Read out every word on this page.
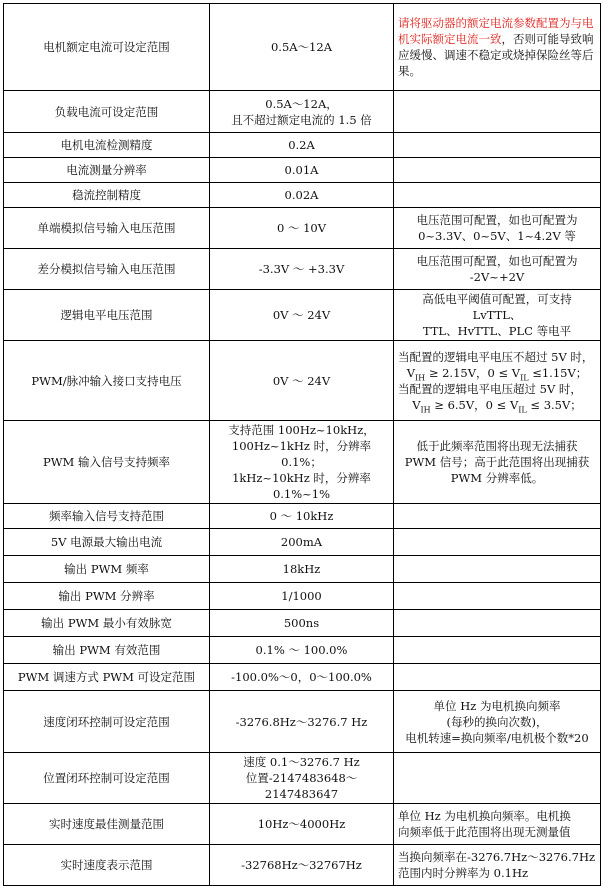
电机额定电流可设定范围	0.5A～12A	请将驱动器的额定电流参数配置为与电机实际额定电流一致，否则可能导致响应缓慢、调速不稳定或烧掉保险丝等后果。
负载电流可设定范围	0.5A～12A，
且不超过额定电流的 1.5 倍	

电机电流检测精度	0.2A	
电流测量分辨率	0.01A	
稳流控制精度	0.02A	
单端模拟信号输入电压范围	0 ～ 10V	电压范围可配置，如也可配置为
0~3.3V、0~5V、1~4.2V 等

差分模拟信号输入电压范围	-3.3V ～ +3.3V	电压范围可配置，如也可配置为
-2V~+2V

逻辑电平电压范围	0V ～ 24V	高低电平阈值可配置，可支持 LvTTL、
TTL、HvTTL、PLC 等电平

PWM/脉冲输入接口支持电压	0V ～ 24V	当配置的逻辑电平电压不超过 5V 时，
$V_{IH} \ge 2.15V$，$0 \le V_{IL} \le 1.15V$；
当配置的逻辑电平电压超过 5V 时，
$V_{IH} \ge 6.5V$，$0 \le V_{IL} \le 3.5V$；

PWM 输入信号支持频率	支持范围 100Hz~10kHz，
100Hz~1kHz 时，分辨率 0.1%；
1kHz~10kHz 时，分辨率 0.1%~1%	低于此频率范围将出现无法捕获
PWM 信号；高于此范围将出现捕获
PWM 分辨率低。

频率输入信号支持范围	0 ～ 10kHz	
5V 电源最大输出电流	200mA	
输出 PWM 频率	18kHz	
输出 PWM 分辨率	1/1000	
输出 PWM 最小有效脉宽	500ns	
输出 PWM 有效范围	0.1% ～ 100.0%	
PWM 调速方式 PWM 可设定范围	-100.0%～0，0～100.0%	
速度闭环控制可设定范围	-3276.8Hz～3276.7 Hz	单位 Hz 为电机换向频率
(每秒的换向次数)，
电机转速=换向频率/电机极个数*20

位置闭环控制可设定范围	速度 0.1～3276.7 Hz
位置-2147483648～2147483647	

实时速度最佳测量范围	10Hz～4000Hz	单位 Hz 为电机换向频率。电机换
向频率低于此范围将出现无测量值

实时速度表示范围	-32768Hz～32767Hz	当换向频率在-3276.7Hz～3276.7Hz
范围内时分辨率为 0.1Hz
